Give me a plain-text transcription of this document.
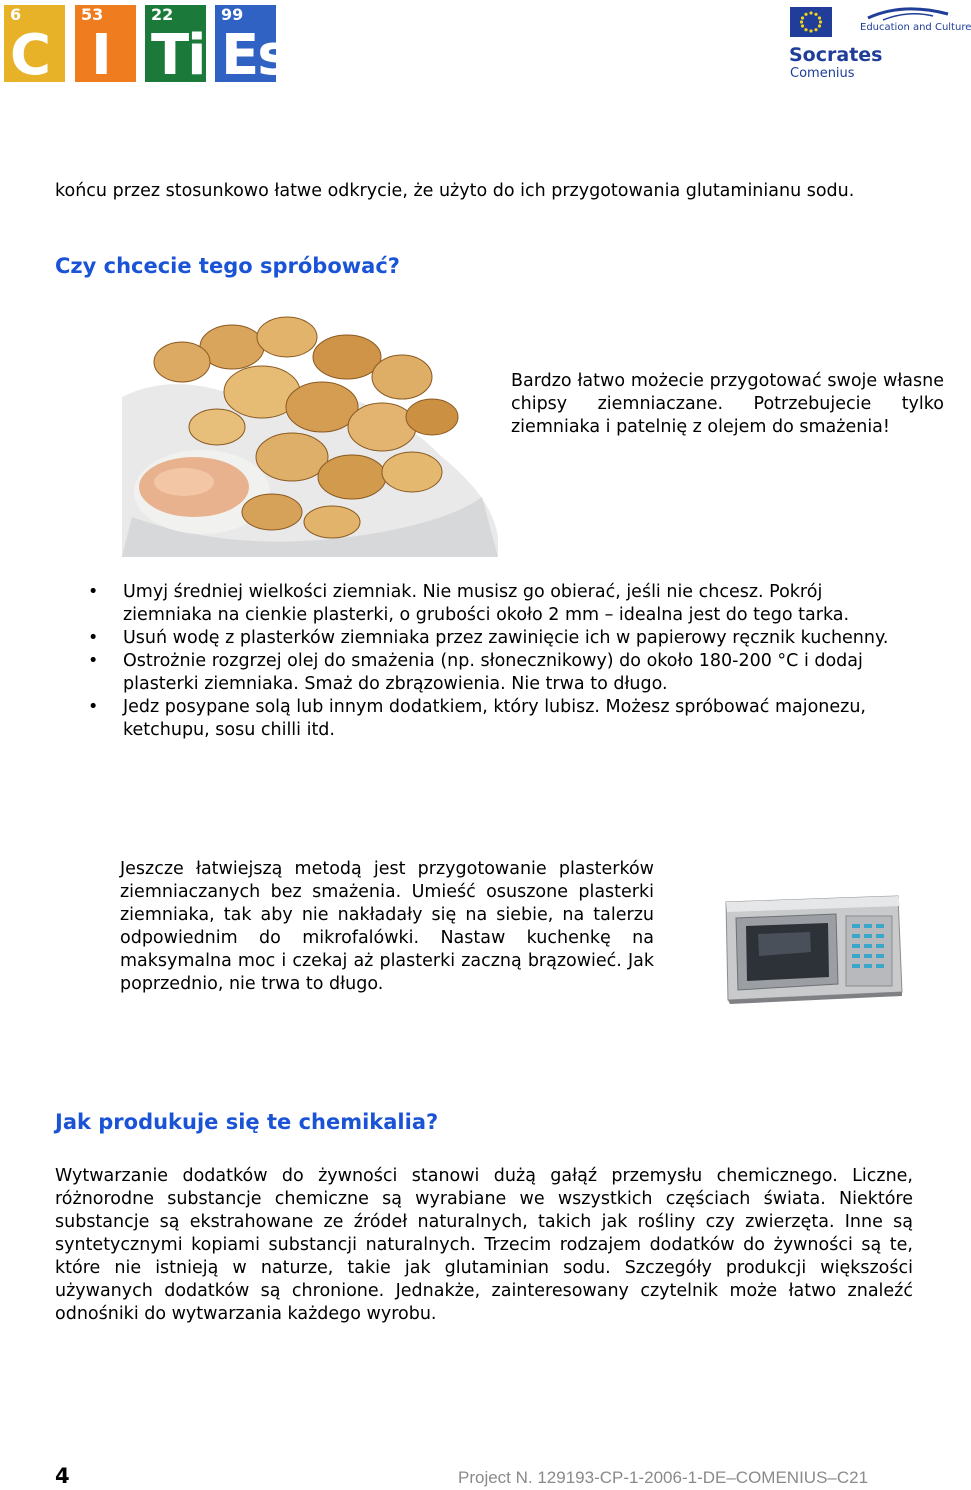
6
C
53
I
22
Ti
99
Es	Education and Culture
Socrates
Comenius

końcu przez stosunkowo łatwe odkrycie, że użyto do ich przygotowania glutaminianu sodu.

Czy chcecie tego spróbować?

Bardzo łatwo możecie przygotować swoje własne chipsy ziemniaczane. Potrzebujecie tylko ziemniaka i patelnię z olejem do smażenia!

• Umyj średniej wielkości ziemniak. Nie musisz go obierać, jeśli nie chcesz. Pokrój ziemniaka na cienkie plasterki, o grubości około 2 mm – idealna jest do tego tarka.
• Usuń wodę z plasterków ziemniaka przez zawinięcie ich w papierowy ręcznik kuchenny.
• Ostrożnie rozgrzej olej do smażenia (np. słonecznikowy) do około 180-200 °C i dodaj plasterki ziemniaka. Smaż do zbrązowienia. Nie trwa to długo.
• Jedz posypane solą lub innym dodatkiem, który lubisz. Możesz spróbować majonezu, ketchupu, sosu chilli itd.

Jeszcze łatwiejszą metodą jest przygotowanie plasterków ziemniaczanych bez smażenia. Umieść osuszone plasterki ziemniaka, tak aby nie nakładały się na siebie, na talerzu odpowiednim do mikrofalówki. Nastaw kuchenkę na maksymalna moc i czekaj aż plasterki zaczną brązowieć. Jak poprzednio, nie trwa to długo.

Jak produkuje się te chemikalia?

Wytwarzanie dodatków do żywności stanowi dużą gałąź przemysłu chemicznego. Liczne, różnorodne substancje chemiczne są wyrabiane we wszystkich częściach świata. Niektóre substancje są ekstrahowane ze źródeł naturalnych, takich jak rośliny czy zwierzęta. Inne są syntetycznymi kopiami substancji naturalnych. Trzecim rodzajem dodatków do żywności są te, które nie istnieją w naturze, takie jak glutaminian sodu. Szczegóły produkcji większości używanych dodatków są chronione. Jednakże, zainteresowany czytelnik może łatwo znaleźć odnośniki do wytwarzania każdego wyrobu.

4	Project N. 129193-CP-1-2006-1-DE–COMENIUS–C21
